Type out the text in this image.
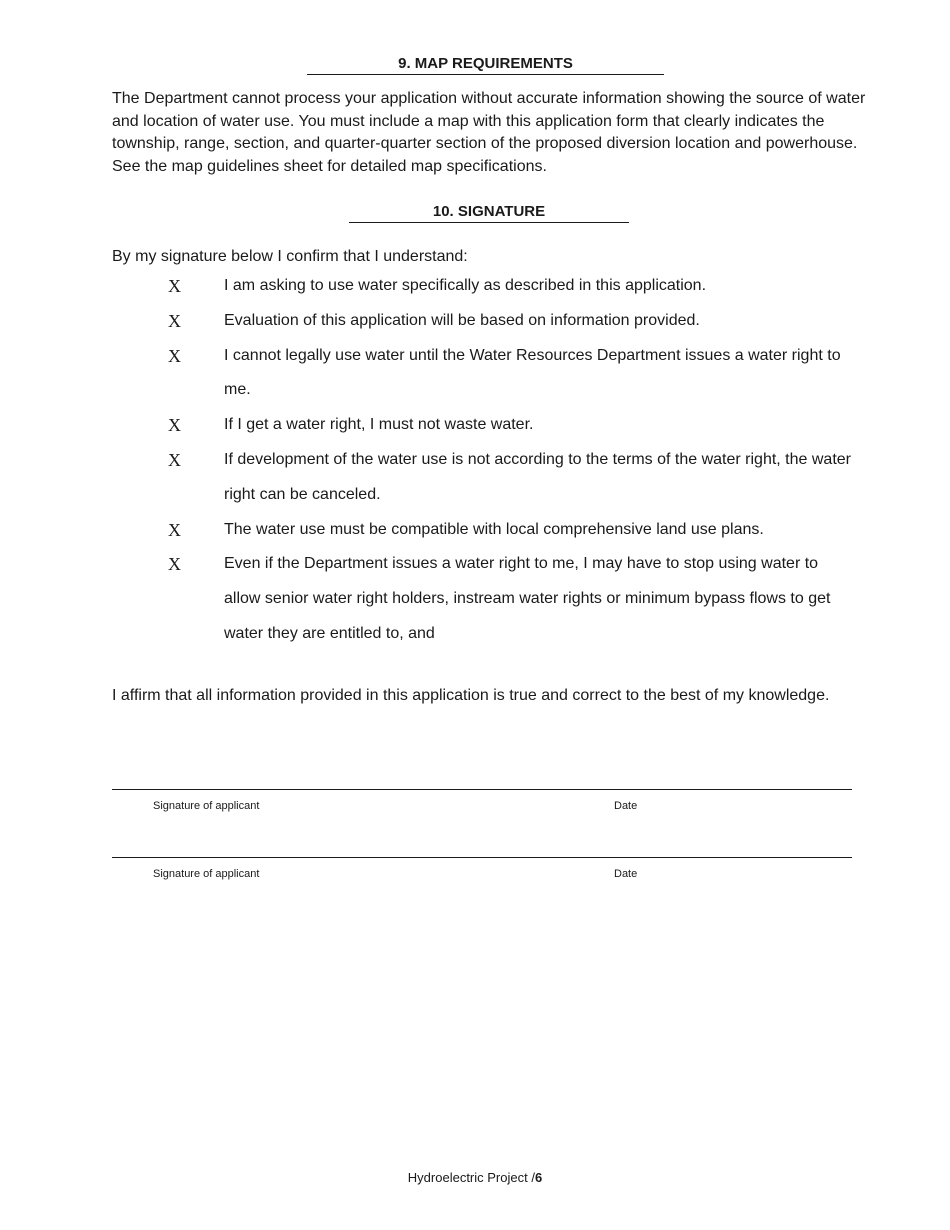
9. MAP REQUIREMENTS
The Department cannot process your application without accurate information showing the source of water and location of water use. You must include a map with this application form that clearly indicates the township, range, section, and quarter-quarter section of the proposed diversion location and powerhouse. See the map guidelines sheet for detailed map specifications.
10. SIGNATURE
By my signature below I confirm that I understand:
X	I am asking to use water specifically as described in this application.
X	Evaluation of this application will be based on information provided.
X	I cannot legally use water until the Water Resources Department issues a water right to me.
X	If I get a water right, I must not waste water.
X	If development of the water use is not according to the terms of the water right, the water right can be canceled.
X	The water use must be compatible with local comprehensive land use plans.
X	Even if the Department issues a water right to me, I may have to stop using water to allow senior water right holders, instream water rights or minimum bypass flows to get water they are entitled to, and
I affirm that all information provided in this application is true and correct to the best of my knowledge.
Signature of applicant	Date
Signature of applicant	Date
Hydroelectric Project /6
